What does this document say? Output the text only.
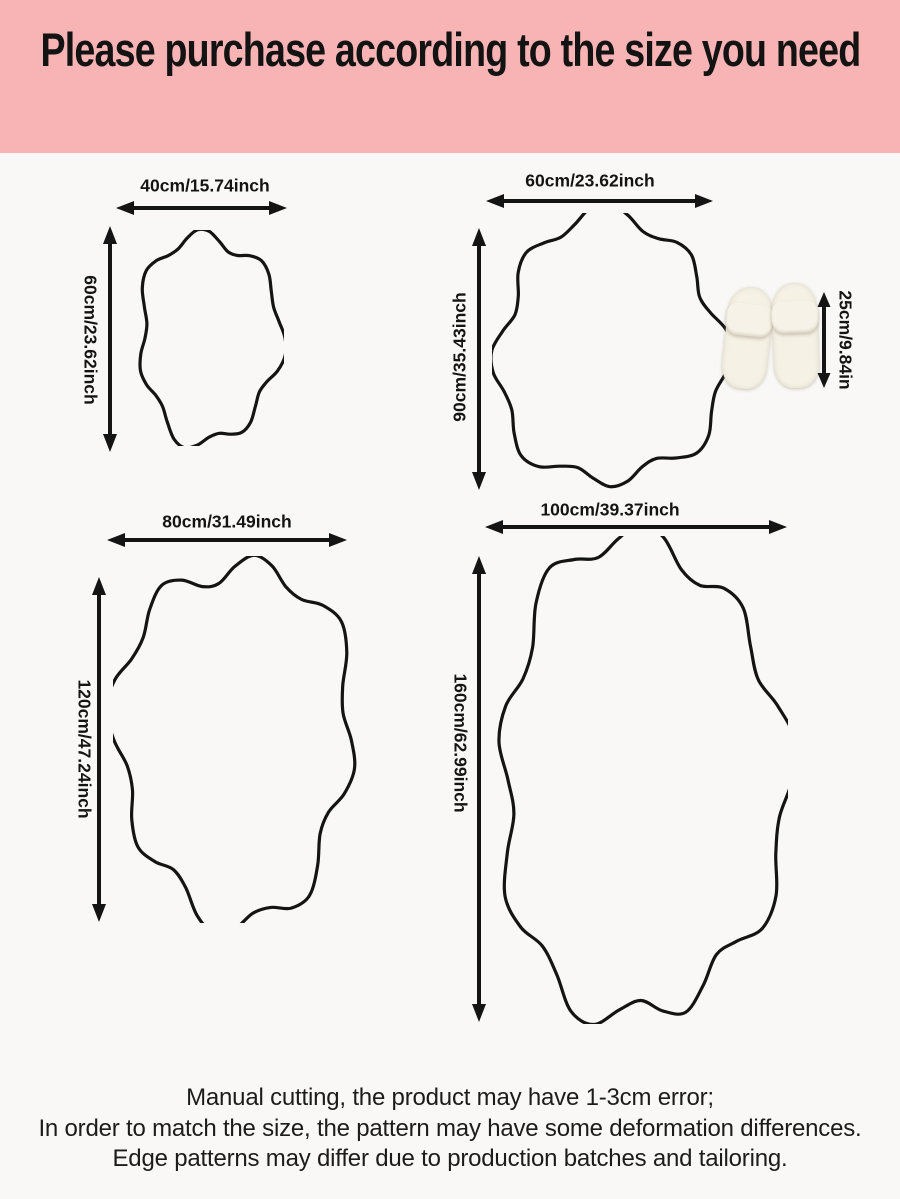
Please purchase according to the size you need
40cm/15.74inch
60cm/23.62inch
60cm/23.62inch
90cm/35.43inch	25cm/9.84in
80cm/31.49inch
120cm/47.24inch
100cm/39.37inch
160cm/62.99inch
Manual cutting, the product may have 1-3cm error;
In order to match the size, the pattern may have some deformation differences.
Edge patterns may differ due to production batches and tailoring.
